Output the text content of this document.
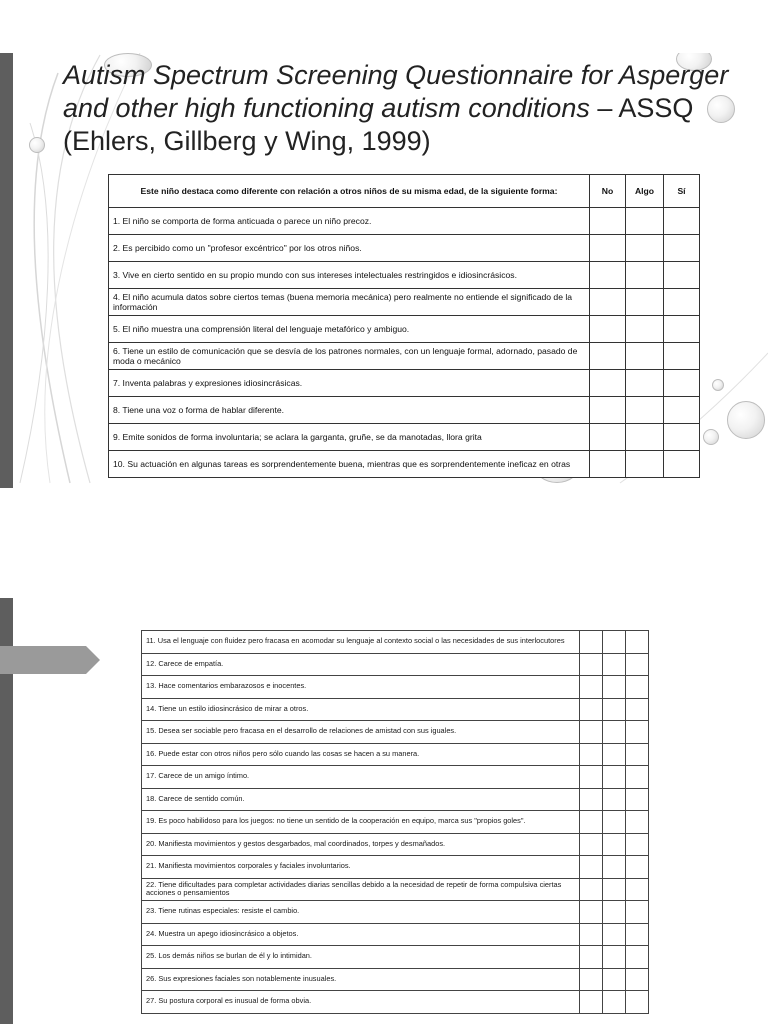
Autism Spectrum Screening Questionnaire for Asperger and other high functioning autism conditions – ASSQ (Ehlers, Gillberg y Wing, 1999)
Este niño destaca como diferente con relación a otros niños de su misma edad, de la siguiente forma:	No	Algo	Sí
1. El niño se comporta de forma anticuada o parece un niño precoz.			
2. Es percibido como un "profesor excéntrico" por los otros niños.			
3. Vive en cierto sentido en su propio mundo con sus intereses intelectuales restringidos e idiosincrásicos.			
4. El niño acumula datos sobre ciertos temas (buena memoria mecánica) pero realmente no entiende el significado de la información			
5. El niño muestra una comprensión literal del lenguaje metafórico y ambiguo.			
6. Tiene un estilo de comunicación que se desvía de los patrones normales, con un lenguaje formal, adornado, pasado de moda o mecánico			
7. Inventa palabras y expresiones idiosincrásicas.			
8. Tiene una voz o forma de hablar diferente.			
9. Emite sonidos de forma involuntaria; se aclara la garganta, gruñe, se da manotadas, llora grita			
10. Su actuación en algunas tareas es sorprendentemente buena, mientras que es sorprendentemente ineficaz en otras			
11. Usa el lenguaje con fluidez pero fracasa en acomodar su lenguaje al contexto social o las necesidades de sus interlocutores			
12. Carece de empatía.			
13. Hace comentarios embarazosos e inocentes.			
14. Tiene un estilo idiosincrásico de mirar a otros.			
15. Desea ser sociable pero fracasa en el desarrollo de relaciones de amistad con sus iguales.			
16. Puede estar con otros niños pero sólo cuando las cosas se hacen a su manera.			
17. Carece de un amigo íntimo.			
18. Carece de sentido común.			
19. Es poco habilidoso para los juegos: no tiene un sentido de la cooperación en equipo, marca sus "propios goles".			
20. Manifiesta movimientos y gestos desgarbados, mal coordinados, torpes y desmañados.			
21. Manifiesta movimientos corporales y faciales involuntarios.			
22. Tiene dificultades para completar actividades diarias sencillas debido a la necesidad de repetir de forma compulsiva ciertas acciones o pensamientos			
23. Tiene rutinas especiales: resiste el cambio.			
24. Muestra un apego idiosincrásico a objetos.			
25. Los demás niños se burlan de él y lo intimidan.			
26. Sus expresiones faciales son notablemente inusuales.			
27. Su postura corporal es inusual de forma obvia.			
